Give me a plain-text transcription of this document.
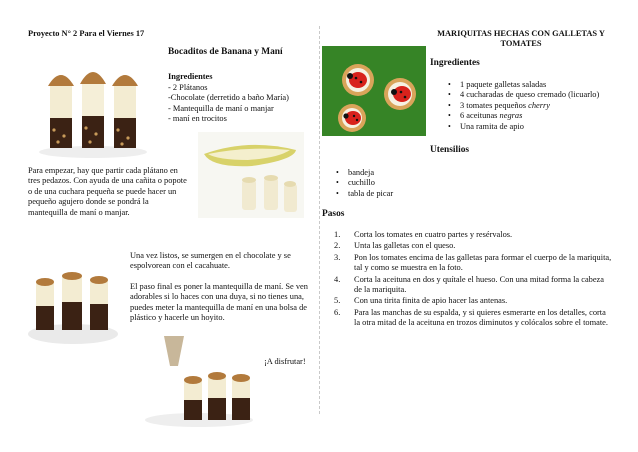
Proyecto N° 2 Para el Viernes 17
Bocaditos de Banana y Maní
Ingredientes
- 2 Plátanos
-Chocolate (derretido a baño María)
- Mantequilla de maní o manjar
- maní en trocitos
Para empezar, hay que partir cada plátano en tres pedazos. Con ayuda de una cañita o popote o de una cuchara pequeña se puede hacer un pequeño agujero donde se pondrá la mantequilla de maní o manjar.
Una vez listos, se sumergen en el chocolate y se espolvorean con el cacahuate.
El paso final es poner la mantequilla de maní. Se ven adorables si lo haces con una duya, si no tienes una, puedes meter la mantequilla de maní en una bolsa de plástico y hacerle un hoyito.
¡A disfrutar!
MARIQUITAS HECHAS CON GALLETAS Y TOMATES
Ingredientes
• 1 paquete galletas saladas
• 4 cucharadas de queso cremado (licuarlo)
• 3 tomates pequeños cherry
• 6 aceitunas negras
• Una ramita de apio
Utensilios
• bandeja
• cuchillo
• tabla de picar
Pasos
1. Corta los tomates en cuatro partes y resérvalos.
2. Unta las galletas con el queso.
3. Pon los tomates encima de las galletas para formar el cuerpo de la mariquita, tal y como se muestra en la foto.
4. Corta la aceituna en dos y quítale el hueso. Con una mitad forma la cabeza de la mariquita.
5. Con una tirita finita de apio hacer las antenas.
6. Para las manchas de su espalda, y si quieres esmerarte en los detalles, corta la otra mitad de la aceituna en trozos diminutos y colócalos sobre el tomate.
